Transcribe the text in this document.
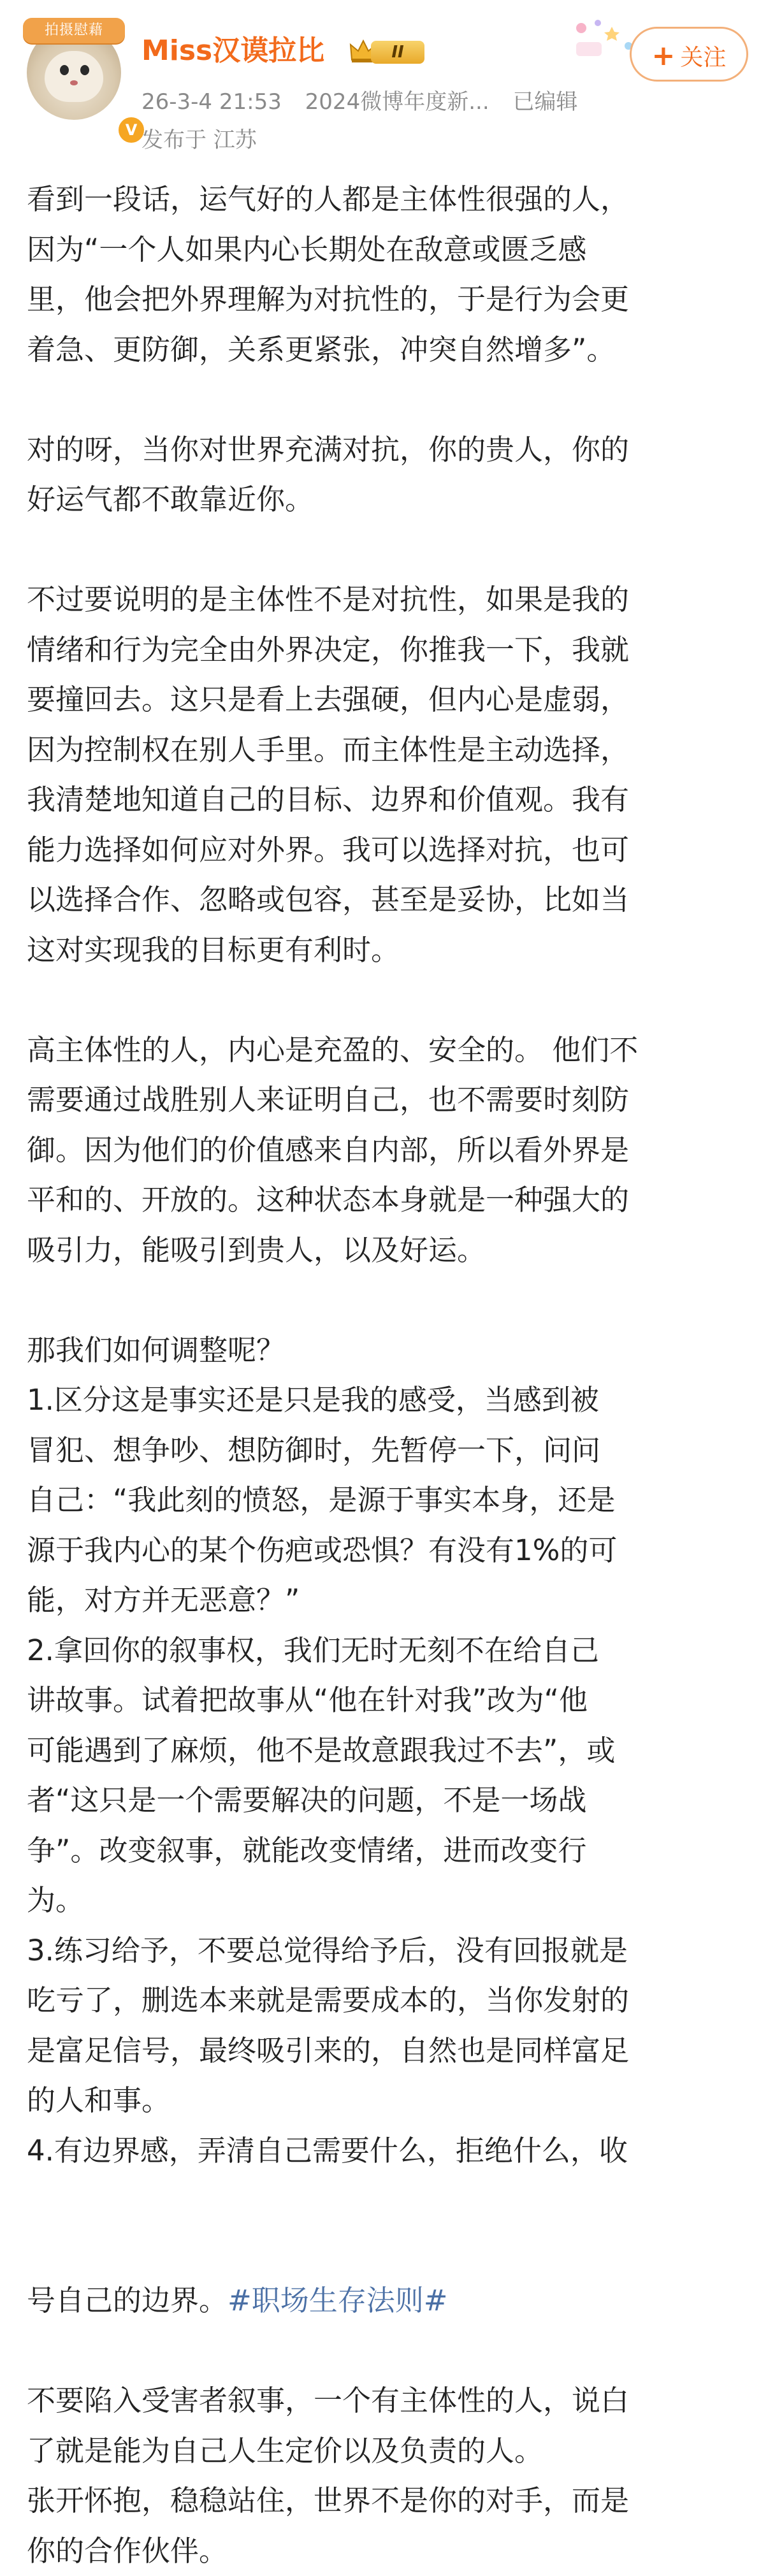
拍摄慰藉
V
Miss汉谟拉比	II
26-3-4 21:53 2024微博年度新... 已编辑
发布于 江苏
+ 关注
看到一段话，运气好的人都是主体性很强的人，
因为“一个人如果内心长期处在敌意或匮乏感
里，他会把外界理解为对抗性的，于是行为会更
着急、更防御，关系更紧张，冲突自然增多”。
对的呀，当你对世界充满对抗，你的贵人，你的
好运气都不敢靠近你。
不过要说明的是主体性不是对抗性，如果是我的
情绪和行为完全由外界决定，你推我一下，我就
要撞回去。这只是看上去强硬，但内心是虚弱，
因为控制权在别人手里。而主体性是主动选择，
我清楚地知道自己的目标、边界和价值观。我有
能力选择如何应对外界。我可以选择对抗，也可
以选择合作、忽略或包容，甚至是妥协，比如当
这对实现我的目标更有利时。
高主体性的人，内心是充盈的、安全的。 他们不
需要通过战胜别人来证明自己，也不需要时刻防
御。因为他们的价值感来自内部，所以看外界是
平和的、开放的。这种状态本身就是一种强大的
吸引力，能吸引到贵人，以及好运。
那我们如何调整呢？
1.区分这是事实还是只是我的感受，当感到被
冒犯、想争吵、想防御时，先暂停一下，问问
自己：“我此刻的愤怒，是源于事实本身，还是
源于我内心的某个伤疤或恐惧？有没有1%的可
能，对方并无恶意？”
2.拿回你的叙事权，我们无时无刻不在给自己
讲故事。试着把故事从“他在针对我”改为“他
可能遇到了麻烦，他不是故意跟我过不去”，或
者“这只是一个需要解决的问题，不是一场战
争”。改变叙事，就能改变情绪，进而改变行
为。
3.练习给予，不要总觉得给予后，没有回报就是
吃亏了，删选本来就是需要成本的，当你发射的
是富足信号，最终吸引来的，自然也是同样富足
的人和事。
4.有边界感，弄清自己需要什么，拒绝什么，收
号自己的边界。#职场生存法则#
不要陷入受害者叙事，一个有主体性的人，说白
了就是能为自己人生定价以及负责的人。
张开怀抱，稳稳站住，世界不是你的对手，而是
你的合作伙伴。
